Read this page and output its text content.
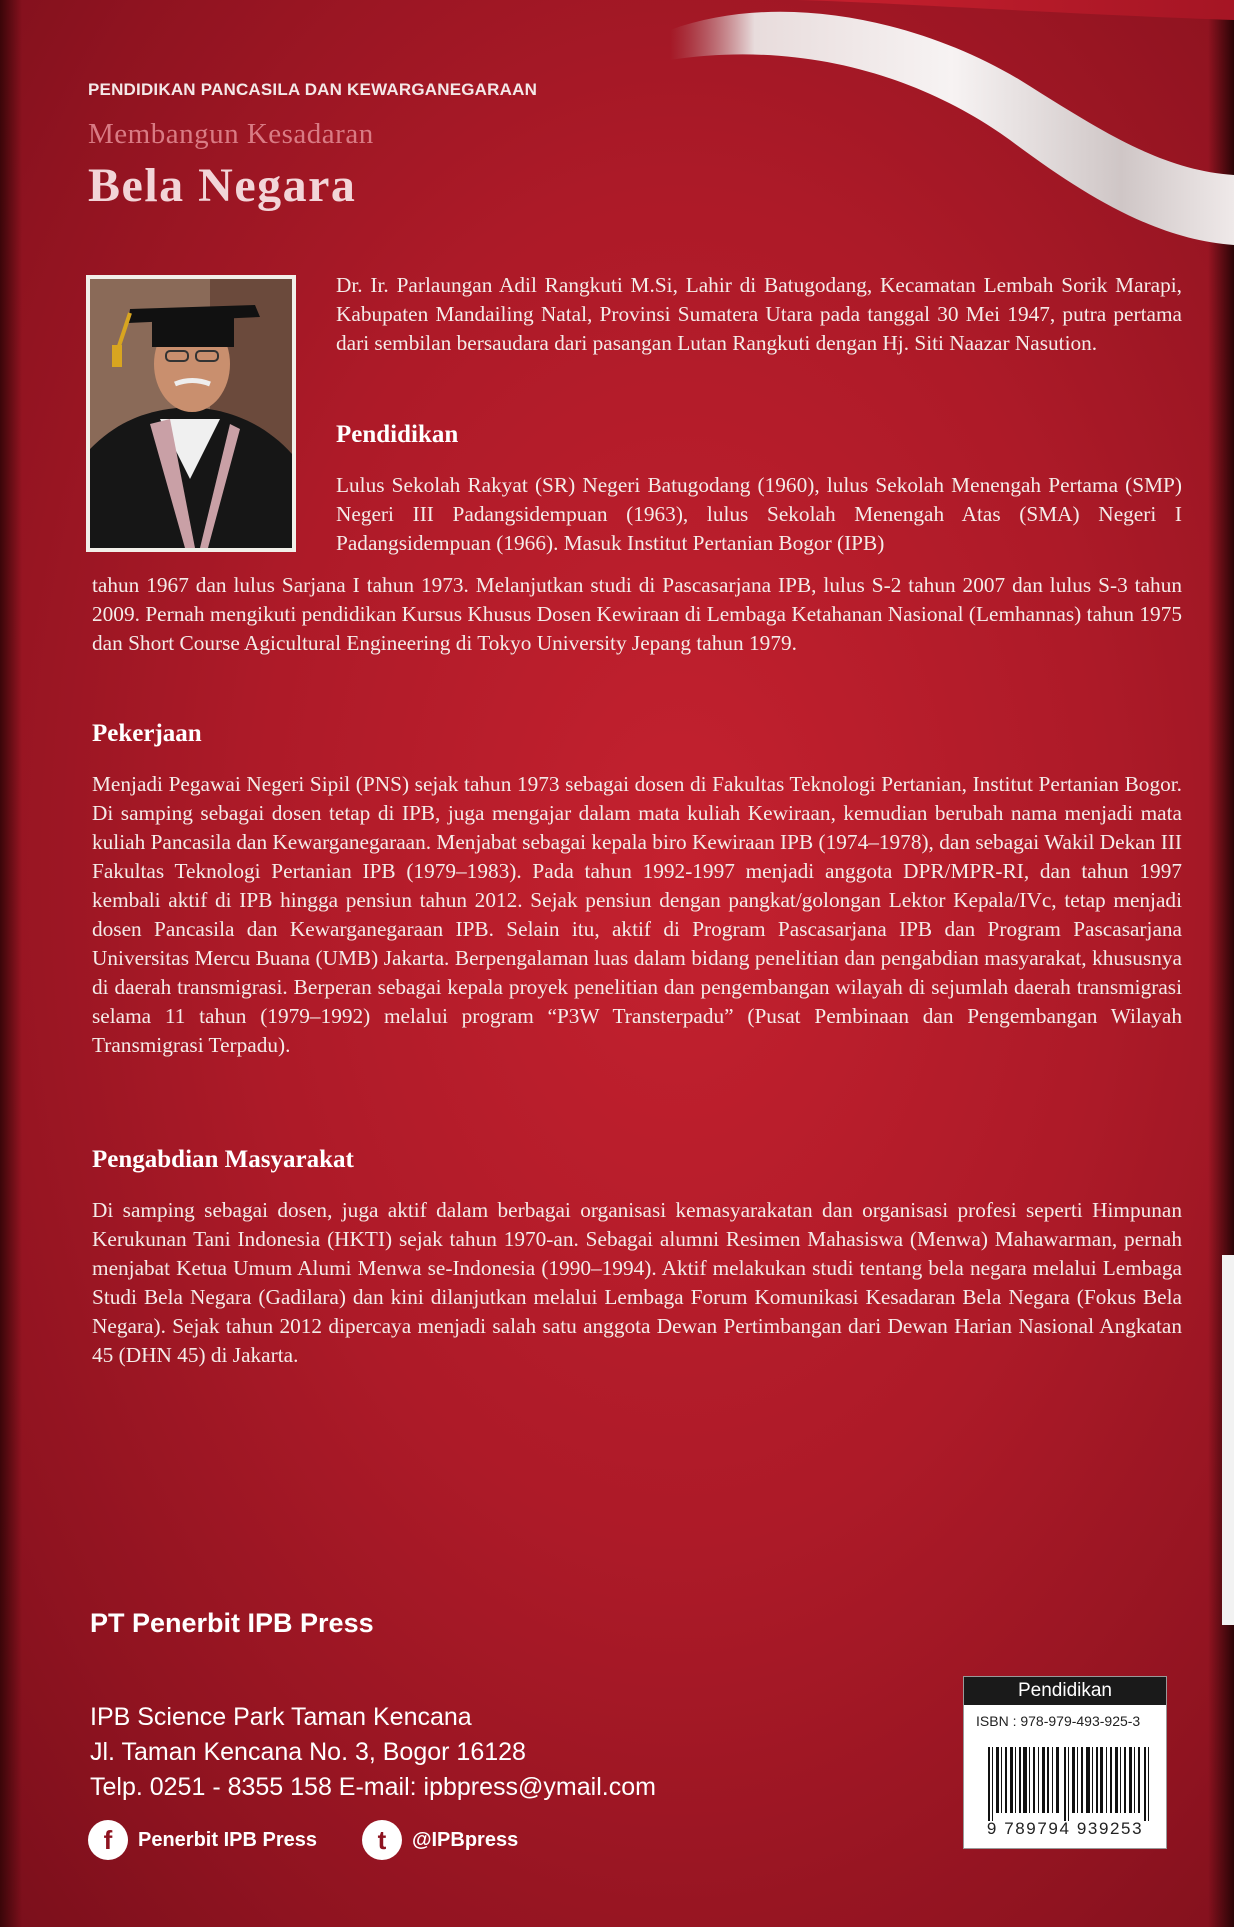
PENDIDIKAN PANCASILA DAN KEWARGANEGARAAN
Membangun Kesadaran
Bela Negara

Dr. Ir. Parlaungan Adil Rangkuti M.Si, Lahir di Batugodang, Kecamatan Lembah Sorik Marapi, Kabupaten Mandailing Natal, Provinsi Sumatera Utara pada tanggal 30 Mei 1947, putra pertama dari sembilan bersaudara dari pasangan Lutan Rangkuti dengan Hj. Siti Naazar Nasution.

Pendidikan

Lulus Sekolah Rakyat (SR) Negeri Batugodang (1960), lulus Sekolah Menengah Pertama (SMP) Negeri III Padangsidempuan (1963), lulus Sekolah Menengah Atas (SMA) Negeri I Padangsidempuan (1966). Masuk Institut Pertanian Bogor (IPB)

tahun 1967 dan lulus Sarjana I tahun 1973. Melanjutkan studi di Pascasarjana IPB, lulus S-2 tahun 2007 dan lulus S-3 tahun 2009. Pernah mengikuti pendidikan Kursus Khusus Dosen Kewiraan di Lembaga Ketahanan Nasional (Lemhannas) tahun 1975 dan Short Course Agicultural Engineering di Tokyo University Jepang tahun 1979.

Pekerjaan

Menjadi Pegawai Negeri Sipil (PNS) sejak tahun 1973 sebagai dosen di Fakultas Teknologi Pertanian, Institut Pertanian Bogor. Di samping sebagai dosen tetap di IPB, juga mengajar dalam mata kuliah Kewiraan, kemudian berubah nama menjadi mata kuliah Pancasila dan Kewarganegaraan. Menjabat sebagai kepala biro Kewiraan IPB (1974–1978), dan sebagai Wakil Dekan III Fakultas Teknologi Pertanian IPB (1979–1983). Pada tahun 1992-1997 menjadi anggota DPR/MPR-RI, dan tahun 1997 kembali aktif di IPB hingga pensiun tahun 2012. Sejak pensiun dengan pangkat/golongan Lektor Kepala/IVc, tetap menjadi dosen Pancasila dan Kewarganegaraan IPB. Selain itu, aktif di Program Pascasarjana IPB dan Program Pascasarjana Universitas Mercu Buana (UMB) Jakarta. Berpengalaman luas dalam bidang penelitian dan pengabdian masyarakat, khususnya di daerah transmigrasi. Berperan sebagai kepala proyek penelitian dan pengembangan wilayah di sejumlah daerah transmigrasi selama 11 tahun (1979–1992) melalui program “P3W Transterpadu” (Pusat Pembinaan dan Pengembangan Wilayah Transmigrasi Terpadu).

Pengabdian Masyarakat

Di samping sebagai dosen, juga aktif dalam berbagai organisasi kemasyarakatan dan organisasi profesi seperti Himpunan Kerukunan Tani Indonesia (HKTI) sejak tahun 1970-an. Sebagai alumni Resimen Mahasiswa (Menwa) Mahawarman, pernah menjabat Ketua Umum Alumi Menwa se-Indonesia (1990–1994). Aktif melakukan studi tentang bela negara melalui Lembaga Studi Bela Negara (Gadilara) dan kini dilanjutkan melalui Lembaga Forum Komunikasi Kesadaran Bela Negara (Fokus Bela Negara). Sejak tahun 2012 dipercaya menjadi salah satu anggota Dewan Pertimbangan dari Dewan Harian Nasional Angkatan 45 (DHN 45) di Jakarta.

PT Penerbit IPB Press

IPB Science Park Taman Kencana

Jl. Taman Kencana No. 3, Bogor 16128

Telp. 0251 - 8355 158 E-mail: ipbpress@ymail.com

f	Penerbit IPB Press	t	@IPBpress
Pendidikan
ISBN : 978-979-493-925-3
9 789794 939253
